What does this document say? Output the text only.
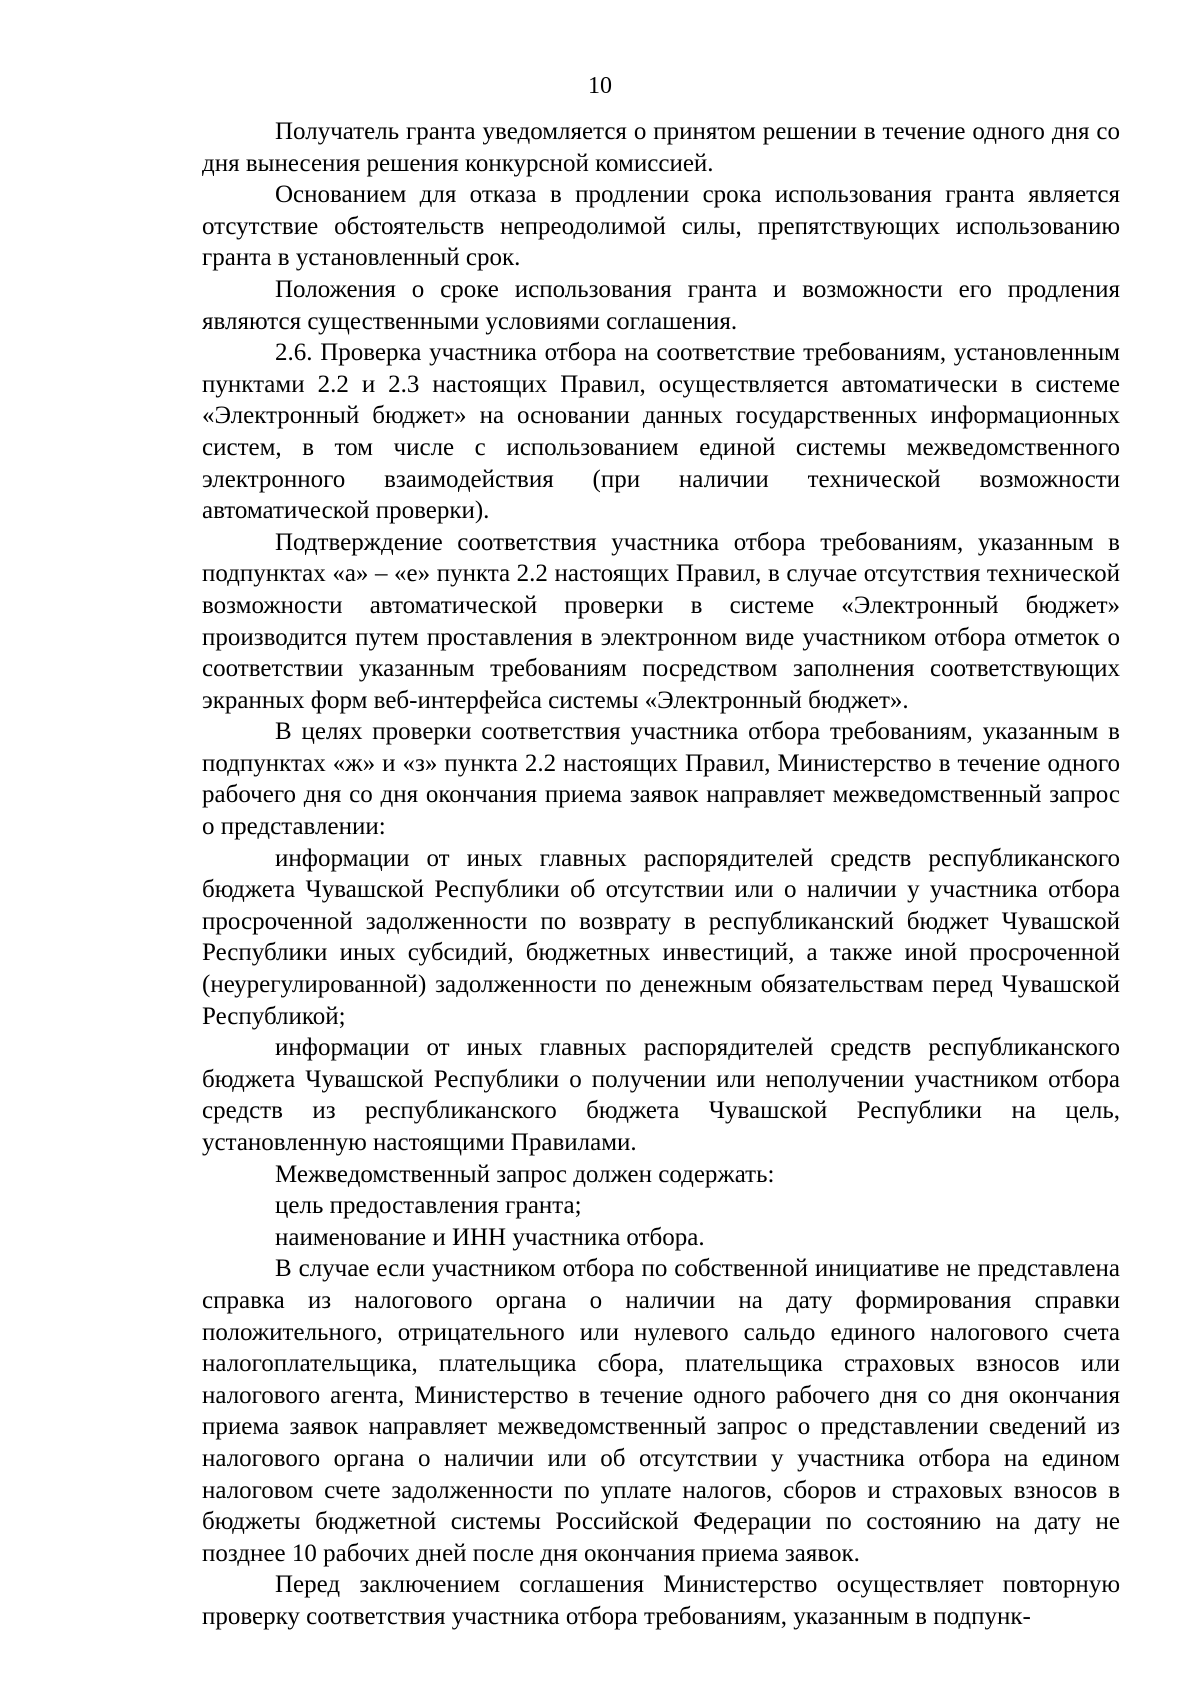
10

Получатель гранта уведомляется о принятом решении в течение одного дня со дня вынесения решения конкурсной комиссией.

Основанием для отказа в продлении срока использования гранта является отсутствие обстоятельств непреодолимой силы, препятствующих использованию гранта в установленный срок.

Положения о сроке использования гранта и возможности его продления являются существенными условиями соглашения.

2.6. Проверка участника отбора на соответствие требованиям, установленным пунктами 2.2 и 2.3 настоящих Правил, осуществляется автоматически в системе «Электронный бюджет» на основании данных государственных информационных систем, в том числе с использованием единой системы межведомственного электронного взаимодействия (при наличии технической возможности автоматической проверки).

Подтверждение соответствия участника отбора требованиям, указанным в подпунктах «а» – «е» пункта 2.2 настоящих Правил, в случае отсутствия технической возможности автоматической проверки в системе «Электронный бюджет» производится путем проставления в электронном виде участником отбора отметок о соответствии указанным требованиям посредством заполнения соответствующих экранных форм веб-интерфейса системы «Электронный бюджет».

В целях проверки соответствия участника отбора требованиям, указанным в подпунктах «ж» и «з» пункта 2.2 настоящих Правил, Министерство в течение одного рабочего дня со дня окончания приема заявок направляет межведомственный запрос о представлении:

информации от иных главных распорядителей средств республиканского бюджета Чувашской Республики об отсутствии или о наличии у участника отбора просроченной задолженности по возврату в республиканский бюджет Чувашской Республики иных субсидий, бюджетных инвестиций, а также иной просроченной (неурегулированной) задолженности по денежным обязательствам перед Чувашской Республикой;

информации от иных главных распорядителей средств республиканского бюджета Чувашской Республики о получении или неполучении участником отбора средств из республиканского бюджета Чувашской Республики на цель, установленную настоящими Правилами.

Межведомственный запрос должен содержать:

цель предоставления гранта;

наименование и ИНН участника отбора.

В случае если участником отбора по собственной инициативе не представлена справка из налогового органа о наличии на дату формирования справки положительного, отрицательного или нулевого сальдо единого налогового счета налогоплательщика, плательщика сбора, плательщика страховых взносов или налогового агента, Министерство в течение одного рабочего дня со дня окончания приема заявок направляет межведомственный запрос о представлении сведений из налогового органа о наличии или об отсутствии у участника отбора на едином налоговом счете задолженности по уплате налогов, сборов и страховых взносов в бюджеты бюджетной системы Российской Федерации по состоянию на дату не позднее 10 рабочих дней после дня окончания приема заявок.

Перед заключением соглашения Министерство осуществляет повторную проверку соответствия участника отбора требованиям, указанным в подпунк-
